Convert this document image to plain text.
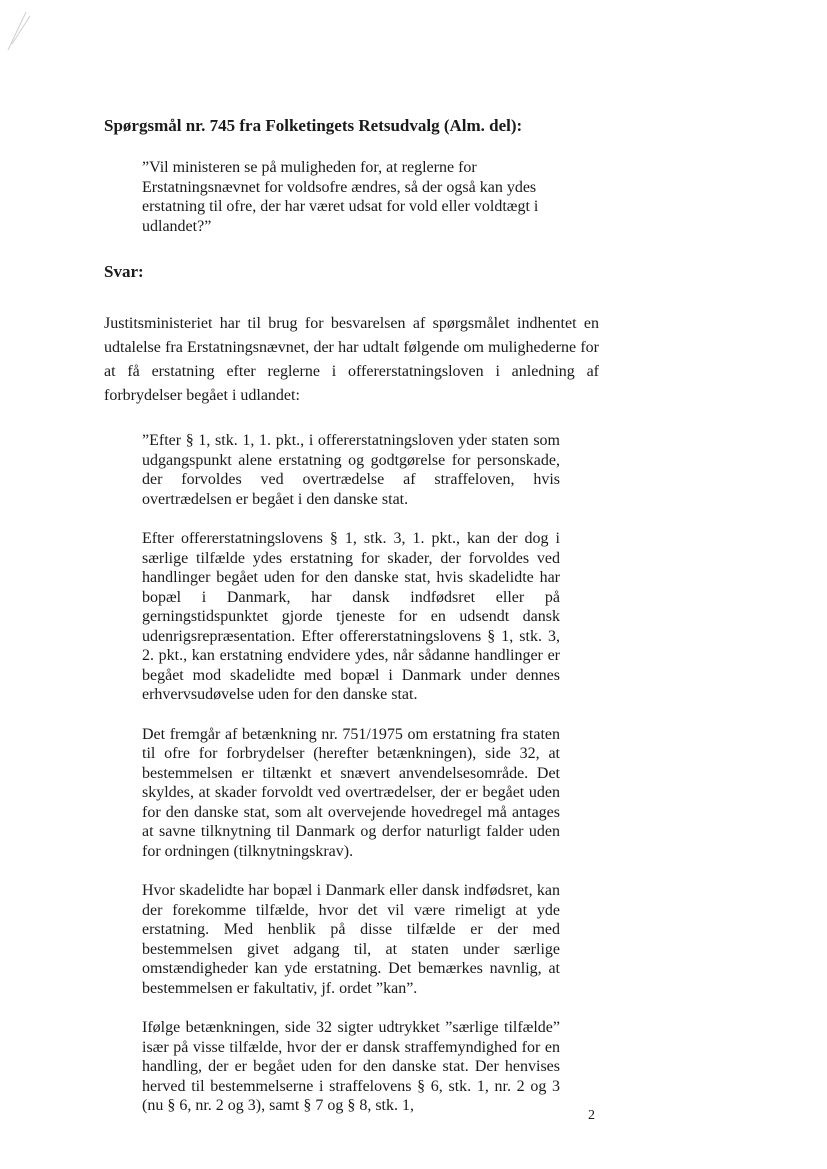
Spørgsmål nr. 745 fra Folketingets Retsudvalg (Alm. del):

”Vil ministeren se på muligheden for, at reglerne for Erstatningsnævnet for voldsofre ændres, så der også kan ydes erstatning til ofre, der har været udsat for vold eller voldtægt i udlandet?”

Svar:

Justitsministeriet har til brug for besvarelsen af spørgsmålet indhentet en udtalelse fra Erstatningsnævnet, der har udtalt følgende om mulighederne for at få erstatning efter reglerne i offererstatningsloven i anledning af forbrydelser begået i udlandet:

”Efter § 1, stk. 1, 1. pkt., i offererstatningsloven yder staten som udgangspunkt alene erstatning og godtgørelse for personskade, der forvoldes ved overtrædelse af straffeloven, hvis overtrædelsen er begået i den danske stat.

Efter offererstatningslovens § 1, stk. 3, 1. pkt., kan der dog i særlige tilfælde ydes erstatning for skader, der forvoldes ved handlinger begået uden for den danske stat, hvis skadelidte har bopæl i Danmark, har dansk indfødsret eller på gerningstidspunktet gjorde tjeneste for en udsendt dansk udenrigsrepræsentation. Efter offererstatningslovens § 1, stk. 3, 2. pkt., kan erstatning endvidere ydes, når sådanne handlinger er begået mod skadelidte med bopæl i Danmark under dennes erhvervsudøvelse uden for den danske stat.

Det fremgår af betænkning nr. 751/1975 om erstatning fra staten til ofre for forbrydelser (herefter betænkningen), side 32, at bestemmelsen er tiltænkt et snævert anvendelsesområde. Det skyldes, at skader forvoldt ved overtrædelser, der er begået uden for den danske stat, som alt overvejende hovedregel må antages at savne tilknytning til Danmark og derfor naturligt falder uden for ordningen (tilknytningskrav).

Hvor skadelidte har bopæl i Danmark eller dansk indfødsret, kan der forekomme tilfælde, hvor det vil være rimeligt at yde erstatning. Med henblik på disse tilfælde er der med bestemmelsen givet adgang til, at staten under særlige omstændigheder kan yde erstatning. Det bemærkes navnlig, at bestemmelsen er fakultativ, jf. ordet ”kan”.

Ifølge betænkningen, side 32 sigter udtrykket ”særlige tilfælde” især på visse tilfælde, hvor der er dansk straffemyndighed for en handling, der er begået uden for den danske stat. Der henvises herved til bestemmelserne i straffelovens § 6, stk. 1, nr. 2 og 3 (nu § 6, nr. 2 og 3), samt § 7 og § 8, stk. 1,

2
